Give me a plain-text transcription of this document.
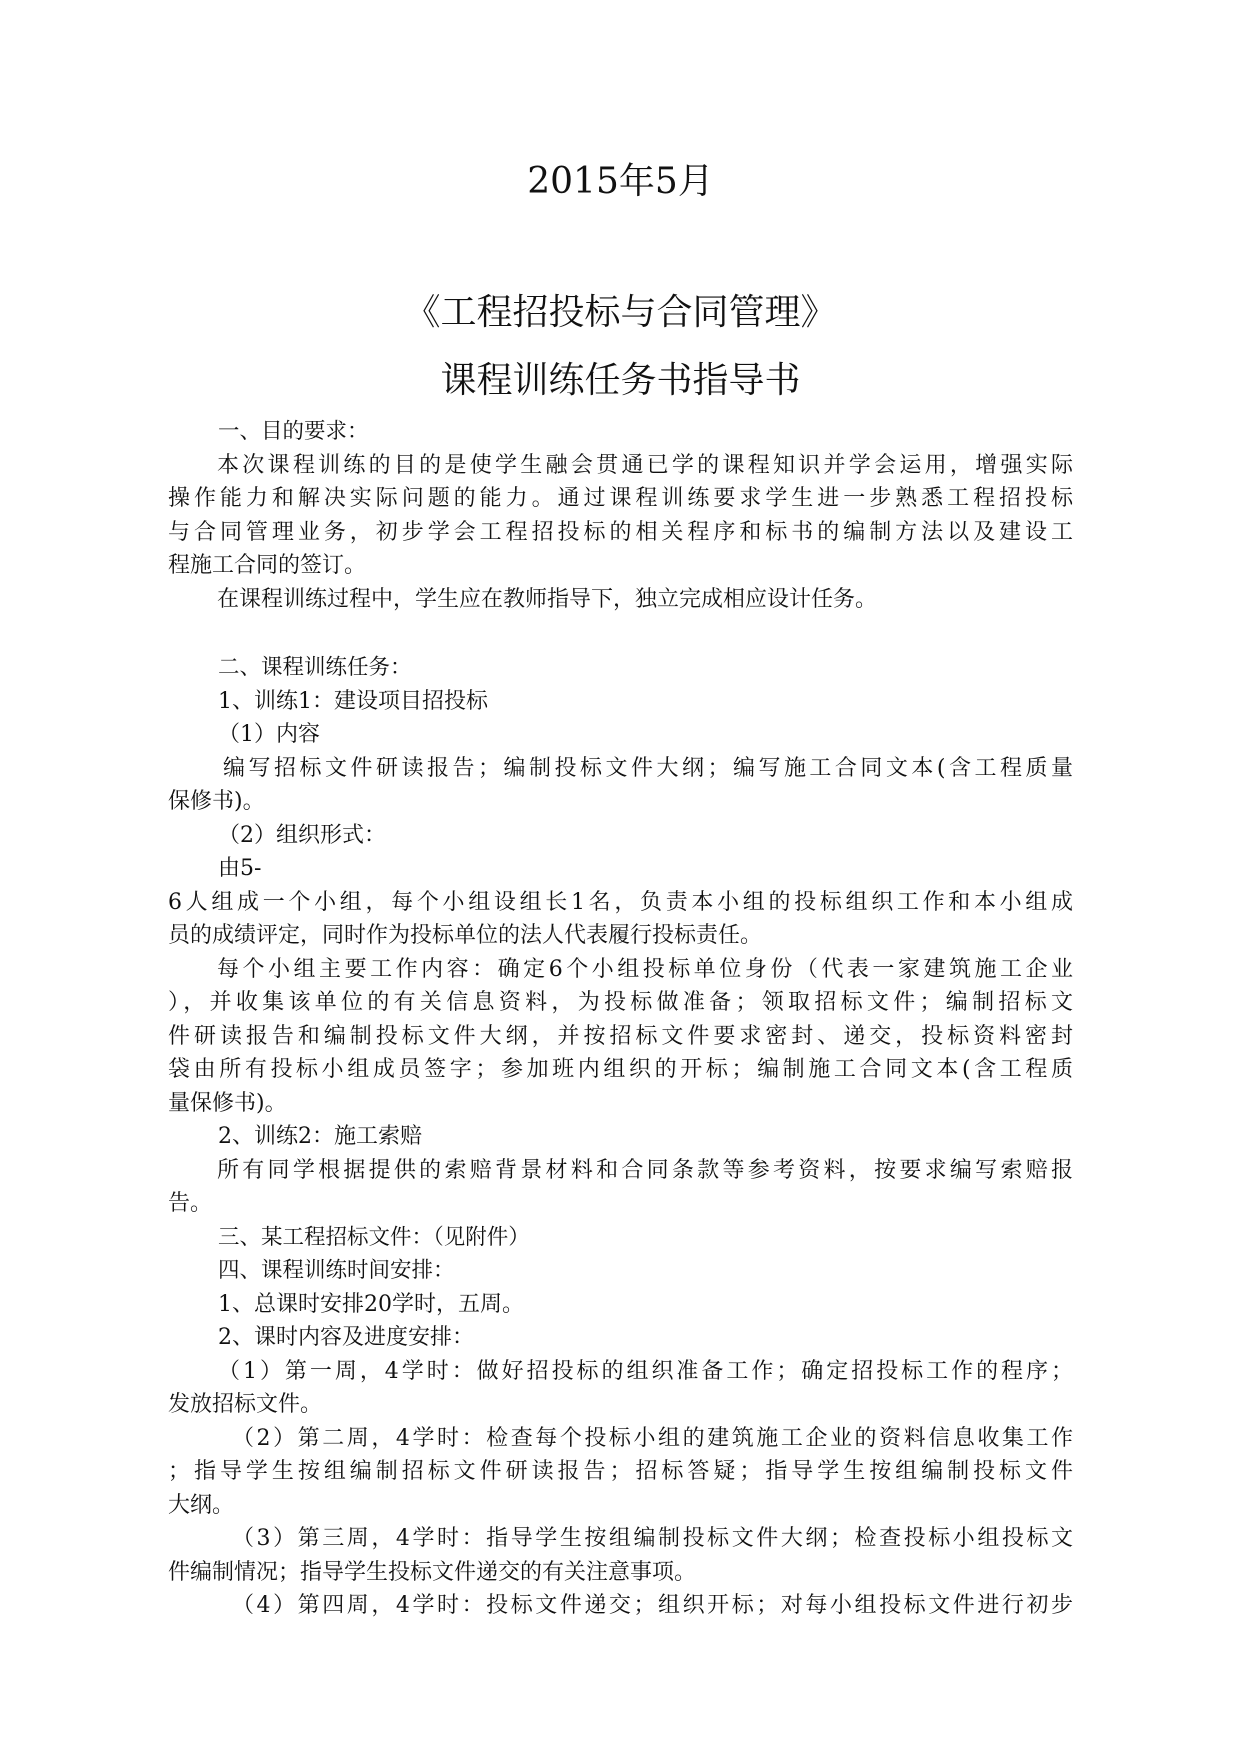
2015年5月
《工程招投标与合同管理》
课程训练任务书指导书
一、目的要求：
本次课程训练的目的是使学生融会贯通已学的课程知识并学会运用，增强实际
操作能力和解决实际问题的能力。通过课程训练要求学生进一步熟悉工程招投标
与合同管理业务，初步学会工程招投标的相关程序和标书的编制方法以及建设工
程施工合同的签订。
在课程训练过程中，学生应在教师指导下，独立完成相应设计任务。
二、课程训练任务：
1、训练1：建设项目招投标
（1）内容
编写招标文件研读报告；编制投标文件大纲；编写施工合同文本(含工程质量
保修书)。
（2）组织形式：
由5-
6人组成一个小组，每个小组设组长1名，负责本小组的投标组织工作和本小组成
员的成绩评定，同时作为投标单位的法人代表履行投标责任。
每个小组主要工作内容：确定6个小组投标单位身份（代表一家建筑施工企业
），并收集该单位的有关信息资料，为投标做准备；领取招标文件；编制招标文
件研读报告和编制投标文件大纲，并按招标文件要求密封、递交，投标资料密封
袋由所有投标小组成员签字；参加班内组织的开标；编制施工合同文本(含工程质
量保修书)。
2、训练2：施工索赔
所有同学根据提供的索赔背景材料和合同条款等参考资料，按要求编写索赔报
告。
三、某工程招标文件：（见附件）
四、课程训练时间安排：
1、总课时安排20学时，五周。
2、课时内容及进度安排：
（1）第一周，4学时：做好招投标的组织准备工作；确定招投标工作的程序；
发放招标文件。
（2）第二周，4学时：检查每个投标小组的建筑施工企业的资料信息收集工作
；指导学生按组编制招标文件研读报告；招标答疑；指导学生按组编制投标文件
大纲。
（3）第三周，4学时：指导学生按组编制投标文件大纲；检查投标小组投标文
件编制情况；指导学生投标文件递交的有关注意事项。
（4）第四周，4学时：投标文件递交；组织开标；对每小组投标文件进行初步
